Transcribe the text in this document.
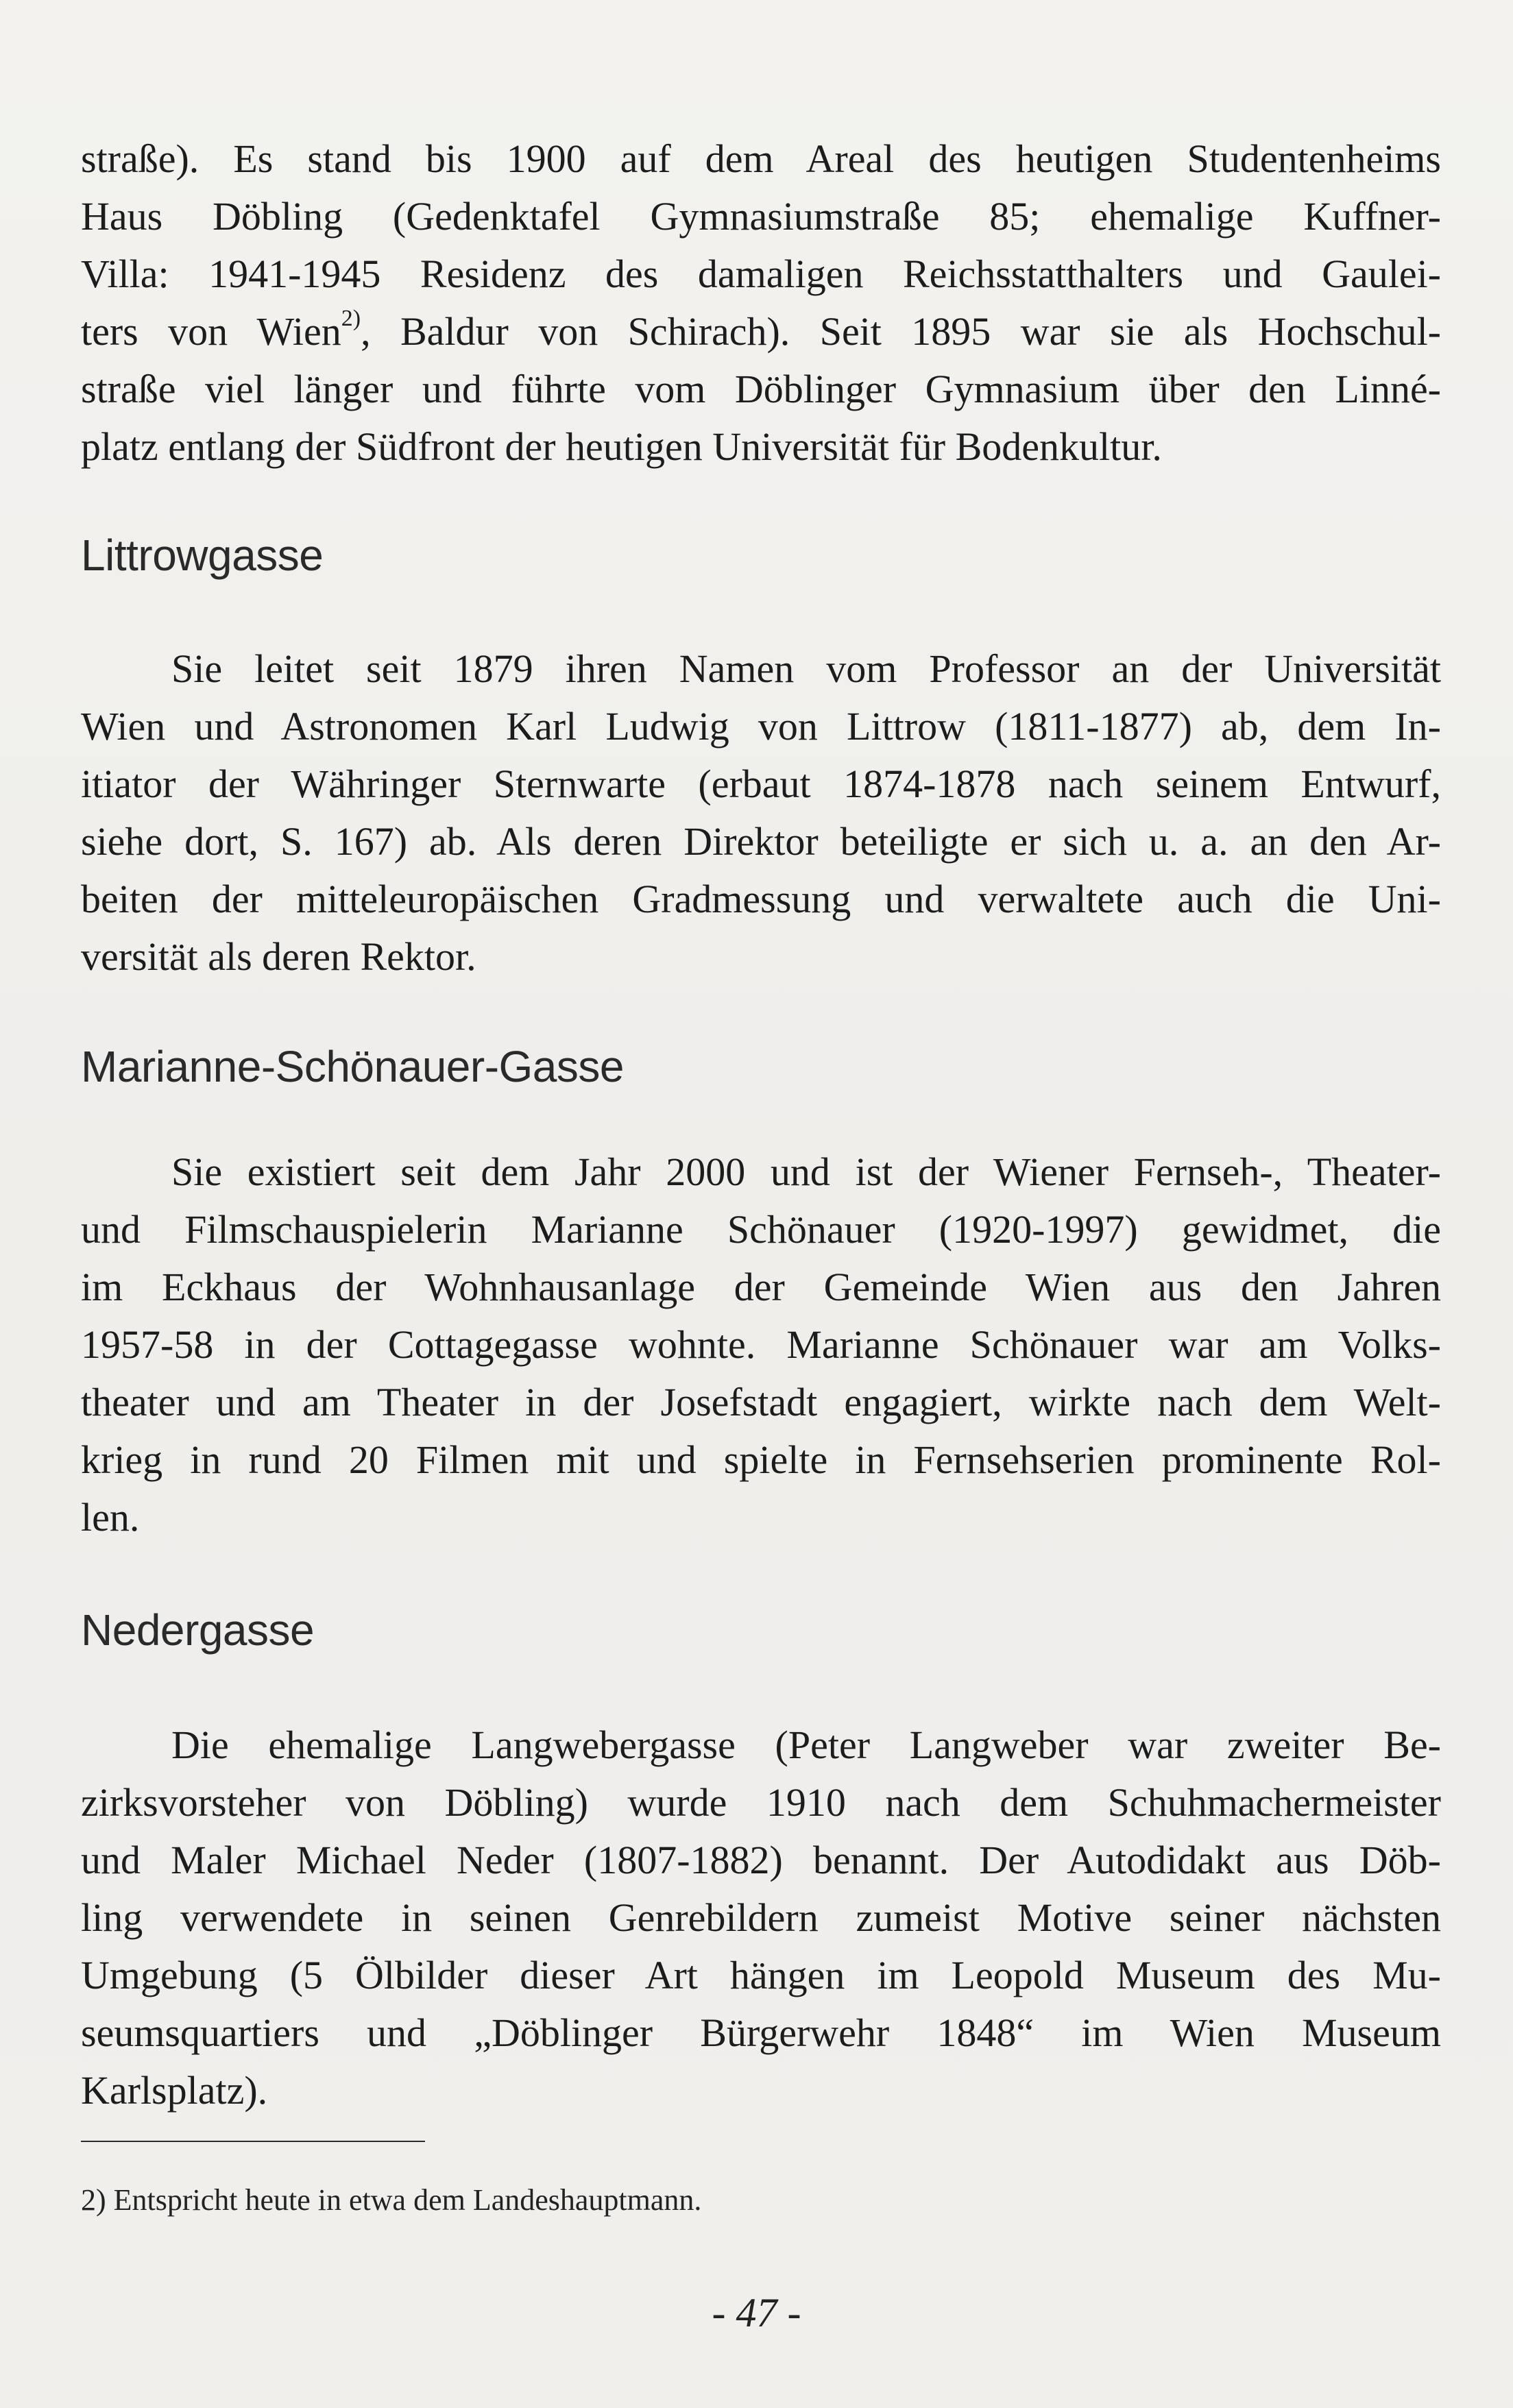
straße). Es stand bis 1900 auf dem Areal des heutigen Studentenheims
Haus Döbling (Gedenktafel Gymnasiumstraße 85; ehemalige Kuffner-
Villa: 1941-1945 Residenz des damaligen Reichsstatthalters und Gaulei-
ters von Wien$^{2)}$, Baldur von Schirach). Seit 1895 war sie als Hochschul-
straße viel länger und führte vom Döblinger Gymnasium über den Linné-
platz entlang der Südfront der heutigen Universität für Bodenkultur.
Littrowgasse
Sie leitet seit 1879 ihren Namen vom Professor an der Universität
Wien und Astronomen Karl Ludwig von Littrow (1811-1877) ab, dem In-
itiator der Währinger Sternwarte (erbaut 1874-1878 nach seinem Entwurf,
siehe dort, S. 167) ab. Als deren Direktor beteiligte er sich u. a. an den Ar-
beiten der mitteleuropäischen Gradmessung und verwaltete auch die Uni-
versität als deren Rektor.
Marianne-Schönauer-Gasse
Sie existiert seit dem Jahr 2000 und ist der Wiener Fernseh-, Theater-
und Filmschauspielerin Marianne Schönauer (1920-1997) gewidmet, die
im Eckhaus der Wohnhausanlage der Gemeinde Wien aus den Jahren
1957-58 in der Cottagegasse wohnte. Marianne Schönauer war am Volks-
theater und am Theater in der Josefstadt engagiert, wirkte nach dem Welt-
krieg in rund 20 Filmen mit und spielte in Fernsehserien prominente Rol-
len.
Nedergasse
Die ehemalige Langwebergasse (Peter Langweber war zweiter Be-
zirksvorsteher von Döbling) wurde 1910 nach dem Schuhmachermeister
und Maler Michael Neder (1807-1882) benannt. Der Autodidakt aus Döb-
ling verwendete in seinen Genrebildern zumeist Motive seiner nächsten
Umgebung (5 Ölbilder dieser Art hängen im Leopold Museum des Mu-
seumsquartiers und „Döblinger Bürgerwehr 1848“ im Wien Museum
Karlsplatz).
2) Entspricht heute in etwa dem Landeshauptmann.
- 47 -
